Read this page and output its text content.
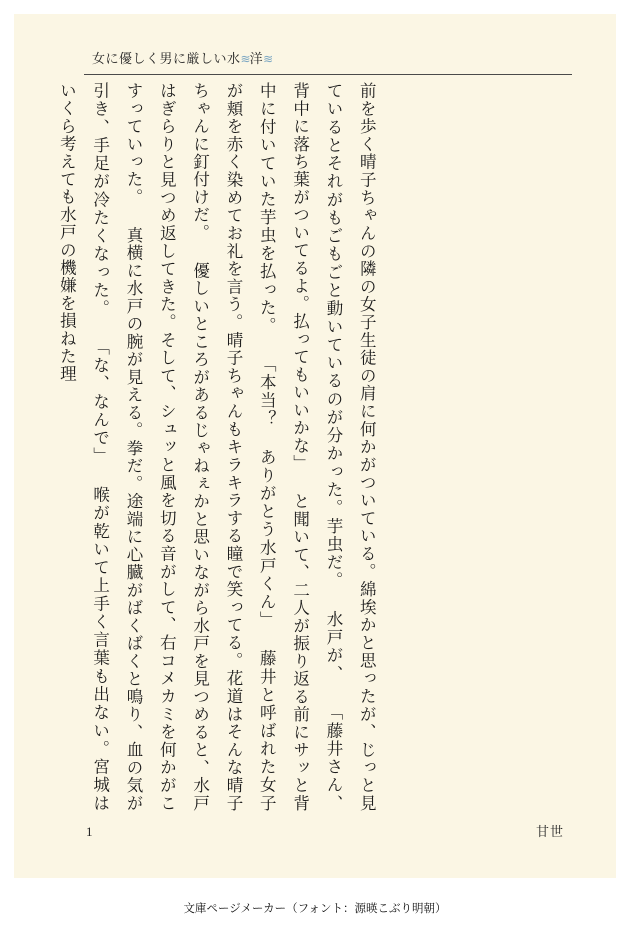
女に優しく男に厳しい水≋洋≋
前を歩く晴子ちゃんの隣の女子生徒の肩に何かがついている。綿埃かと思ったが、じっと見ているとそれがもごもごと動いているのが分かった。芋虫だ。 水戸が、 「藤井さん、背中に落ち葉がついてるよ。払ってもいいかな」 と聞いて、二人が振り返る前にサッと背中に付いていた芋虫を払った。 「本当？ ありがとう水戸くん」 藤井と呼ばれた女子が頬を赤く染めてお礼を言う。晴子ちゃんもキラキラする瞳で笑ってる。花道はそんな晴子ちゃんに釘付けだ。 優しいところがあるじゃねぇかと思いながら水戸を見つめると、水戸はぎらりと見つめ返してきた。そして、シュッと風を切る音がして、右コメカミを何かがこすっていった。 真横に水戸の腕が見える。拳だ。途端に心臓がばくばくと鳴り、血の気が引き、手足が冷たくなった。 「な、なんで」 喉が乾いて上手く言葉も出ない。宮城はいくら考えても水戸の機嫌を損ねた理
1	甘世
文庫ページメーカー（フォント：源暎こぶり明朝）
